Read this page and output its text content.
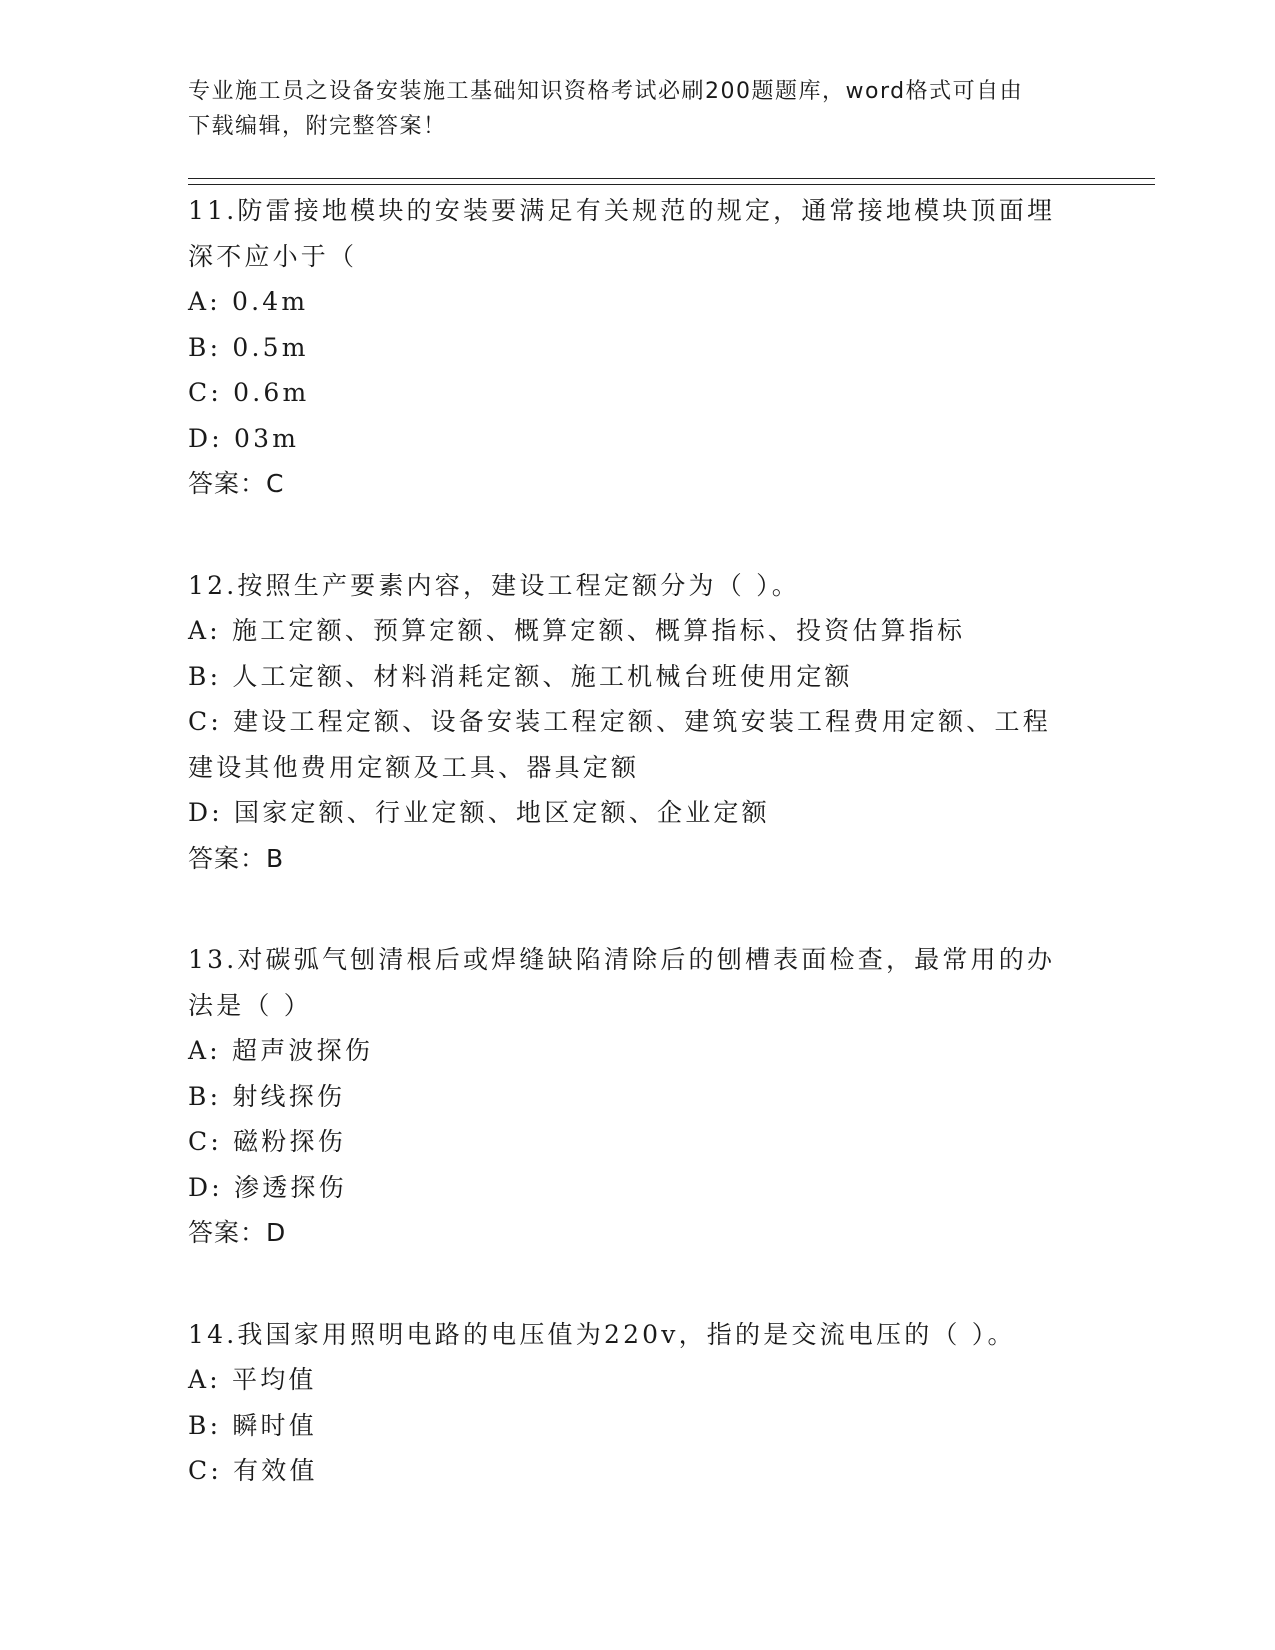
专业施工员之设备安装施工基础知识资格考试必刷200题题库，word格式可自由
下载编辑，附完整答案！
11.防雷接地模块的安装要满足有关规范的规定，通常接地模块顶面埋
深不应小于（
A: 0.4m
B: 0.5m
C: 0.6m
D: 03m
答案：C
12.按照生产要素内容，建设工程定额分为（ ）。
A: 施工定额、预算定额、概算定额、概算指标、投资估算指标
B: 人工定额、材料消耗定额、施工机械台班使用定额
C: 建设工程定额、设备安装工程定额、建筑安装工程费用定额、工程
建设其他费用定额及工具、器具定额
D: 国家定额、行业定额、地区定额、企业定额
答案：B
13.对碳弧气刨清根后或焊缝缺陷清除后的刨槽表面检查，最常用的办
法是（ ）
A: 超声波探伤
B: 射线探伤
C: 磁粉探伤
D: 渗透探伤
答案：D
14.我国家用照明电路的电压值为220v，指的是交流电压的（ ）。
A: 平均值
B: 瞬时值
C: 有效值
